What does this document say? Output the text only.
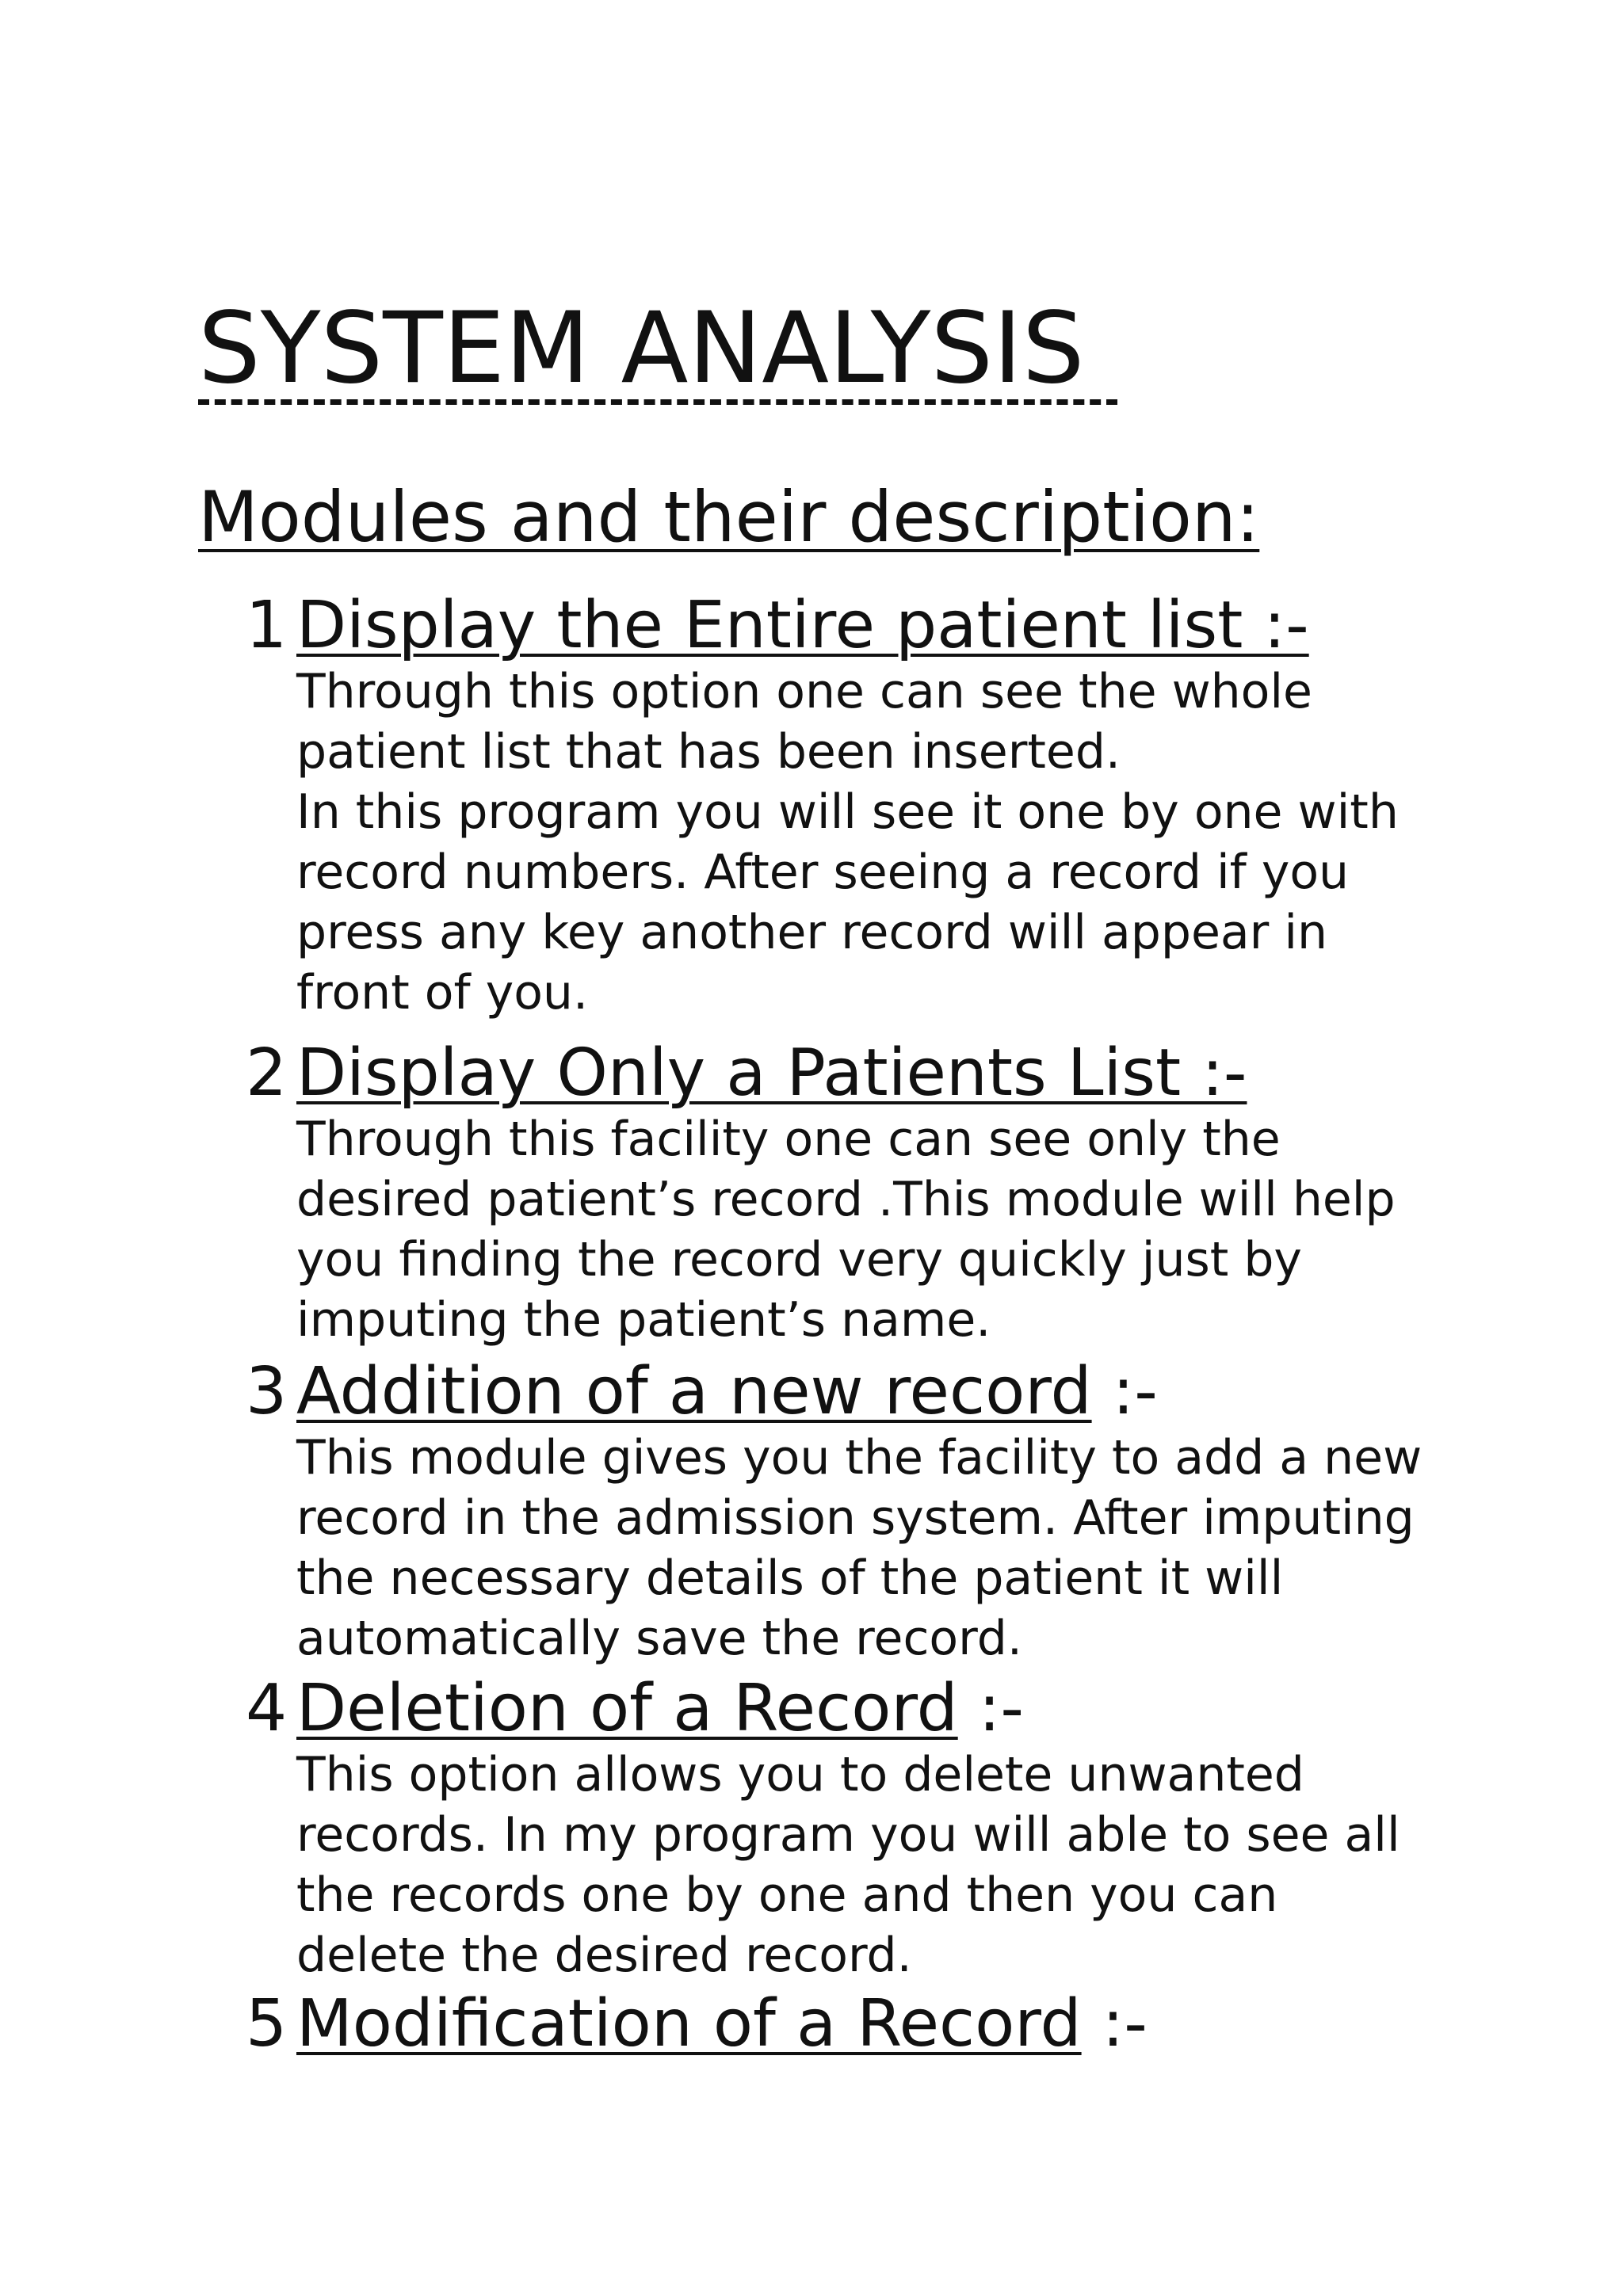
SYSTEM ANALYSIS
Modules and their description:
1 Display the Entire patient list :-

Through this option one can see the whole patient list that has been inserted.

In this program you will see it one by one with record numbers. After seeing a record if you press any key another record will appear in front of you.

2 Display Only a Patients List :-

Through this facility one can see only the desired patient’s record .This module will help you finding the record very quickly just by imputing the patient’s name.

3 Addition of a new record :-

This module gives you the facility to add a new record in the admission system. After imputing the necessary details of the patient it will automatically save the record.

4 Deletion of a Record :-

This option allows you to delete unwanted records. In my program you will able to see all the records one by one and then you can delete the desired record.

5 Modification of a Record :-
